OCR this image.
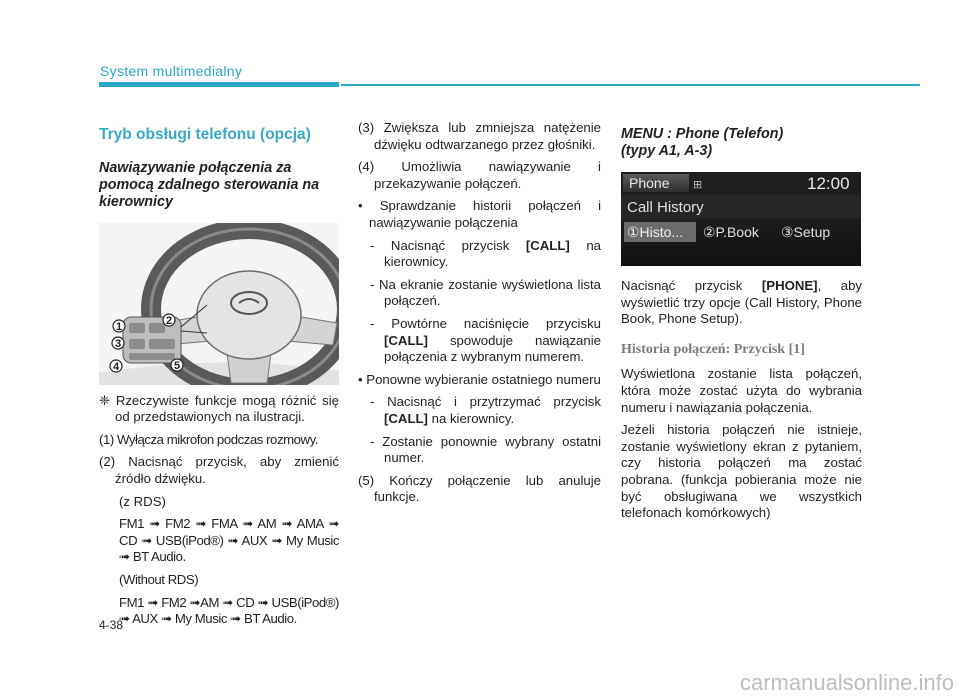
System multimedialny
Tryb obsługi telefonu (opcja)
Nawiązywanie połączenia za pomocą zdalnego sterowania na kierownicy
1	2
3
4	5

❈ Rzeczywiste funkcje mogą różnić się od przedstawionych na ilustracji.

(1) Wyłącza mikrofon podczas rozmowy.

(2) Nacisnąć przycisk, aby zmienić źródło dźwięku.

(z RDS)

FM1 ➟ FM2 ➟ FMA ➟ AM ➟ AMA ➟ CD ➟ USB(iPod®) ➟ AUX ➟ My Music ➟ BT Audio.

(Without RDS)

FM1 ➟ FM2 ➟AM ➟ CD ➟ USB(iPod®) ➟ AUX ➟ My Music ➟ BT Audio.

(3) Zwiększa lub zmniejsza natężenie dźwięku odtwarzanego przez głośniki.

(4) Umożliwia nawiązywanie i przekazywanie połączeń.

• Sprawdzanie historii połączeń i nawiązywanie połączenia

- Nacisnąć przycisk [CALL] na kierownicy.

- Na ekranie zostanie wyświetlona lista połączeń.

- Powtórne naciśnięcie przycisku [CALL] spowoduje nawiązanie połączenia z wybranym numerem.

• Ponowne wybieranie ostatniego numeru

- Nacisnąć i przytrzymać przycisk [CALL] na kierownicy.

- Zostanie ponownie wybrany ostatni numer.

(5) Kończy połączenie lub anuluje funkcje.

MENU : Phone (Telefon)
(typy A1, A-3)
Phone ⊞	12:00
Call History
①Histo... ②P.Book ③Setup

Nacisnąć przycisk [PHONE], aby wyświetlić trzy opcje (Call History, Phone Book, Phone Setup).

Historia połączeń: Przycisk [1]

Wyświetlona zostanie lista połączeń, która może zostać użyta do wybrania numeru i nawiązania połączenia.

Jeżeli historia połączeń nie istnieje, zostanie wyświetlony ekran z pytaniem, czy historia połączeń ma zostać pobrana. (funkcja pobierania może nie być obsługiwana we wszystkich telefonach komórkowych)

4-38
carmanualsonline.info
